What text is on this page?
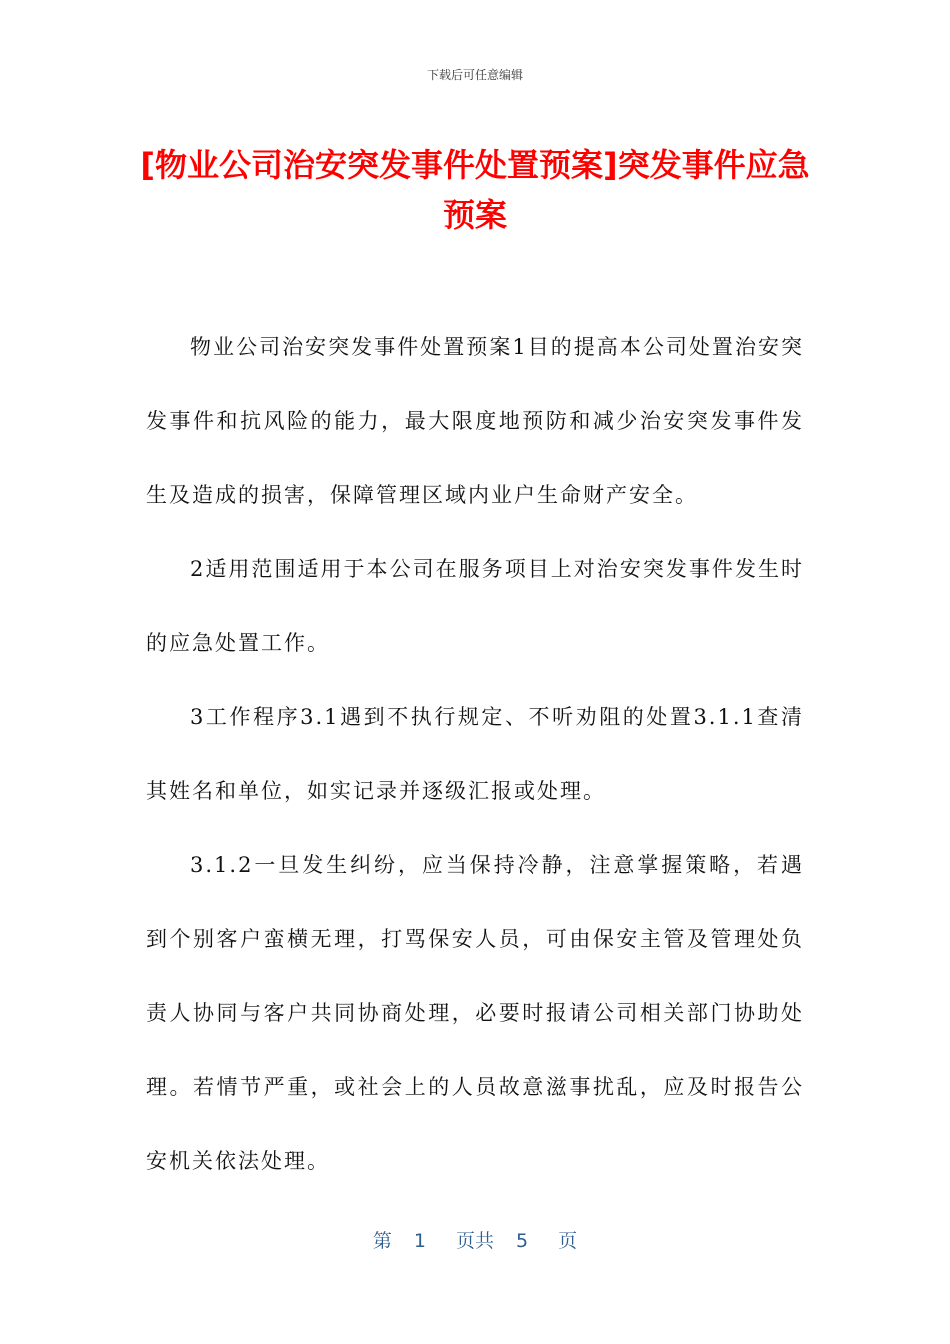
下载后可任意编辑
[物业公司治安突发事件处置预案]突发事件应急预案

物业公司治安突发事件处置预案1目的提高本公司处置治安突发事件和抗风险的能力，最大限度地预防和减少治安突发事件发生及造成的损害，保障管理区域内业户生命财产安全。

2适用范围适用于本公司在服务项目上对治安突发事件发生时的应急处置工作。

3工作程序3.1遇到不执行规定、不听劝阻的处置3.1.1查清其姓名和单位，如实记录并逐级汇报或处理。

3.1.2一旦发生纠纷，应当保持冷静，注意掌握策略，若遇到个别客户蛮横无理，打骂保安人员，可由保安主管及管理处负责人协同与客户共同协商处理，必要时报请公司相关部门协助处理。若情节严重，或社会上的人员故意滋事扰乱，应及时报告公安机关依法处理。

第 1 页共 5 页
